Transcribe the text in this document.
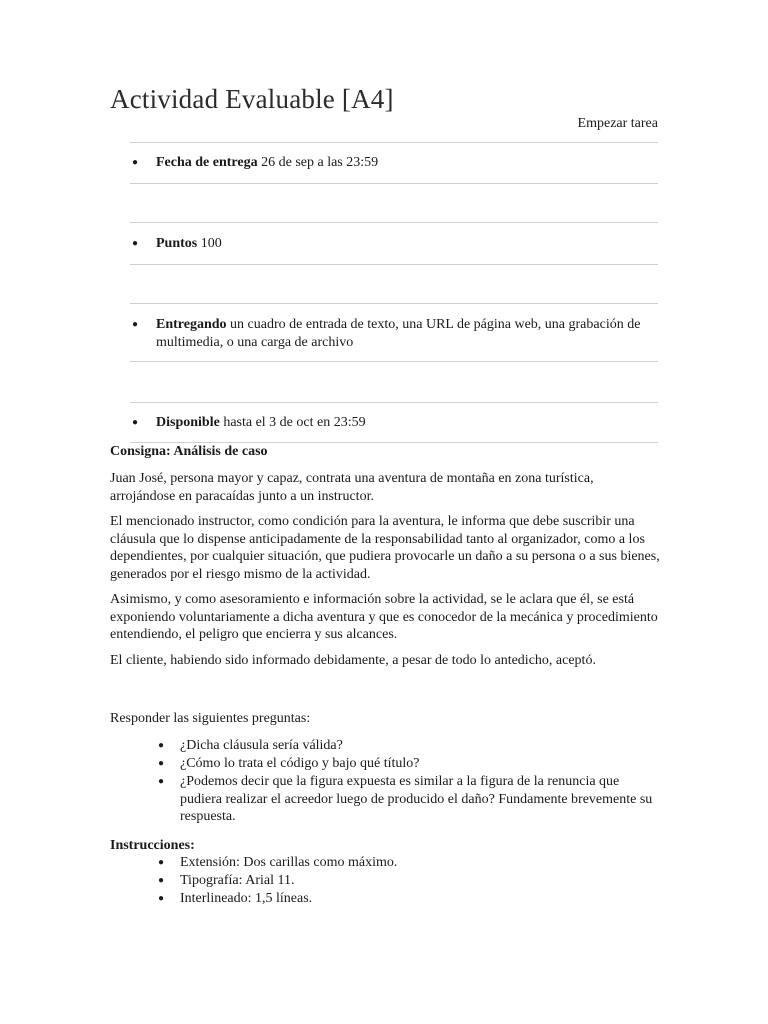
Actividad Evaluable [A4]
Empezar tarea
●	Fecha de entrega 26 de sep a las 23:59
●	Puntos 100
●	Entregando un cuadro de entrada de texto, una URL de página web, una grabación de multimedia, o una carga de archivo
●	Disponible hasta el 3 de oct en 23:59
Consigna: Análisis de caso

Juan José, persona mayor y capaz, contrata una aventura de montaña en zona turística, arrojándose en paracaídas junto a un instructor.

El mencionado instructor, como condición para la aventura, le informa que debe suscribir una cláusula que lo dispense anticipadamente de la responsabilidad tanto al organizador, como a los dependientes, por cualquier situación, que pudiera provocarle un daño a su persona o a sus bienes, generados por el riesgo mismo de la actividad.

Asimismo, y como asesoramiento e información sobre la actividad, se le aclara que él, se está exponiendo voluntariamente a dicha aventura y que es conocedor de la mecánica y procedimiento entendiendo, el peligro que encierra y sus alcances.

El cliente, habiendo sido informado debidamente, a pesar de todo lo antedicho, aceptó.

Responder las siguientes preguntas:
●	¿Dicha cláusula sería válida?
●	¿Cómo lo trata el código y bajo qué título?
●	¿Podemos decir que la figura expuesta es similar a la figura de la renuncia que pudiera realizar el acreedor luego de producido el daño? Fundamente brevemente su respuesta.
Instrucciones:
●	Extensión: Dos carillas como máximo.
●	Tipografía: Arial 11.
●	Interlineado: 1,5 líneas.
